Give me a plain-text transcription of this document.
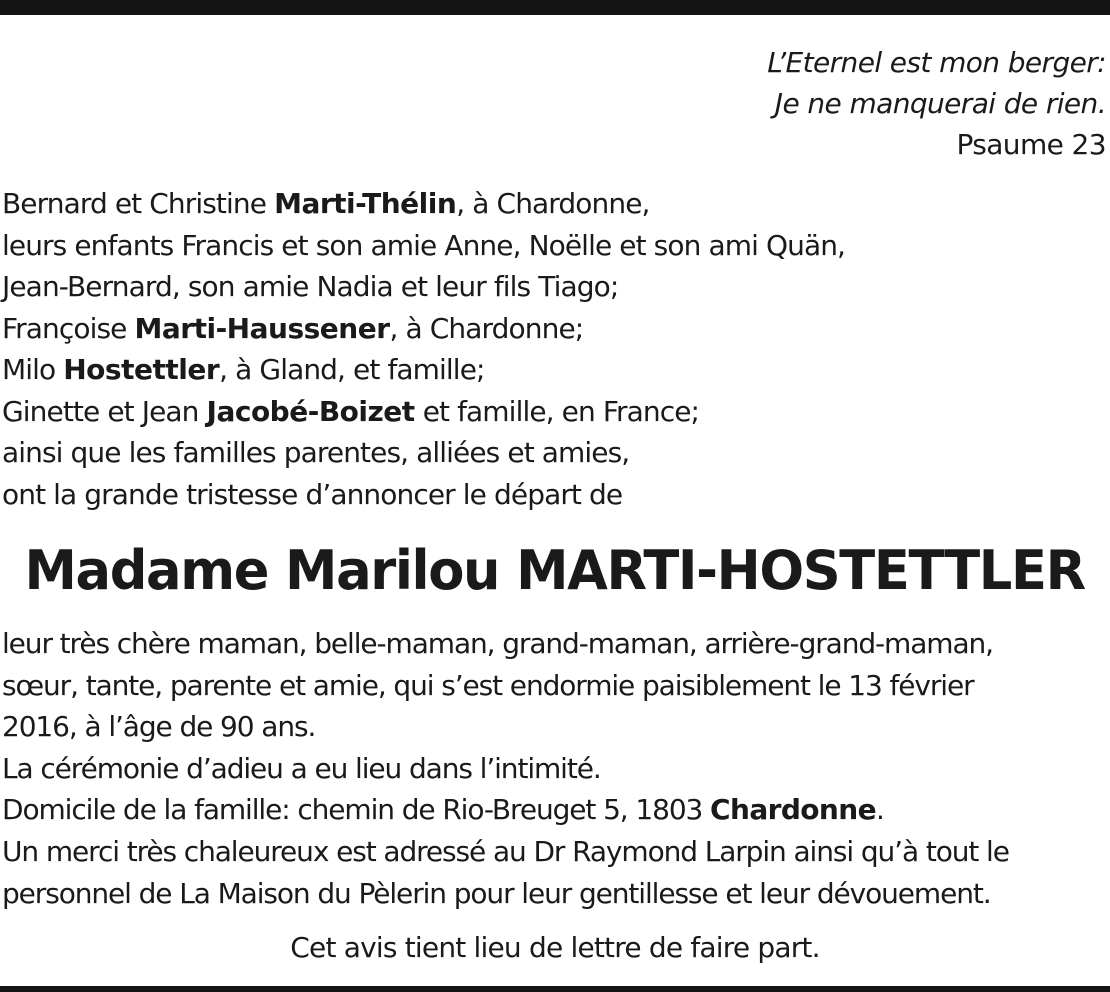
L’Eternel est mon berger:
Je ne manquerai de rien.
Psaume 23
Bernard et Christine Marti-Thélin, à Chardonne,
leurs enfants Francis et son amie Anne, Noëlle et son ami Quän,
Jean-Bernard, son amie Nadia et leur fils Tiago;
Françoise Marti-Haussener, à Chardonne;
Milo Hostettler, à Gland, et famille;
Ginette et Jean Jacobé-Boizet et famille, en France;
ainsi que les familles parentes, alliées et amies,
ont la grande tristesse d’annoncer le départ de
Madame Marilou MARTI-HOSTETTLER
leur très chère maman, belle-maman, grand-maman, arrière-grand-maman,
sœur, tante, parente et amie, qui s’est endormie paisiblement le 13 février
2016, à l’âge de 90 ans.
La cérémonie d’adieu a eu lieu dans l’intimité.
Domicile de la famille: chemin de Rio-Breuget 5, 1803 Chardonne.
Un merci très chaleureux est adressé au Dr Raymond Larpin ainsi qu’à tout le
personnel de La Maison du Pèlerin pour leur gentillesse et leur dévouement.
Cet avis tient lieu de lettre de faire part.
